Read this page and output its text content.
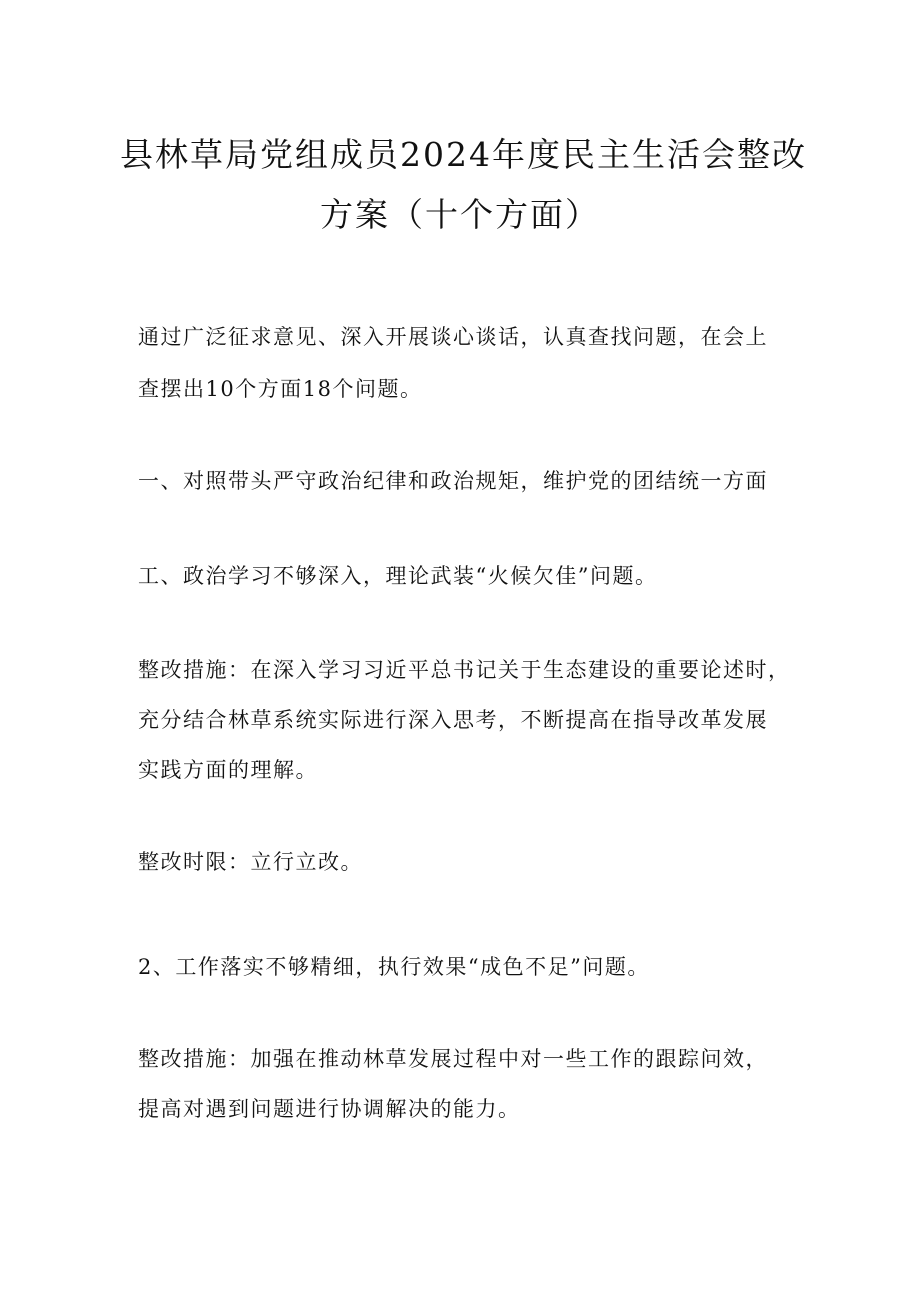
县林草局党组成员2024年度民主生活会整改
方案（十个方面）

通过广泛征求意见、深入开展谈心谈话，认真查找问题，在会上

查摆出10个方面18个问题。

一、对照带头严守政治纪律和政治规矩，维护党的团结统一方面

工、政治学习不够深入，理论武装“火候欠佳”问题。

整改措施：在深入学习习近平总书记关于生态建设的重要论述时，

充分结合林草系统实际进行深入思考，不断提高在指导改革发展

实践方面的理解。

整改时限：立行立改。

2、工作落实不够精细，执行效果“成色不足”问题。

整改措施：加强在推动林草发展过程中对一些工作的跟踪问效，

提高对遇到问题进行协调解决的能力。
